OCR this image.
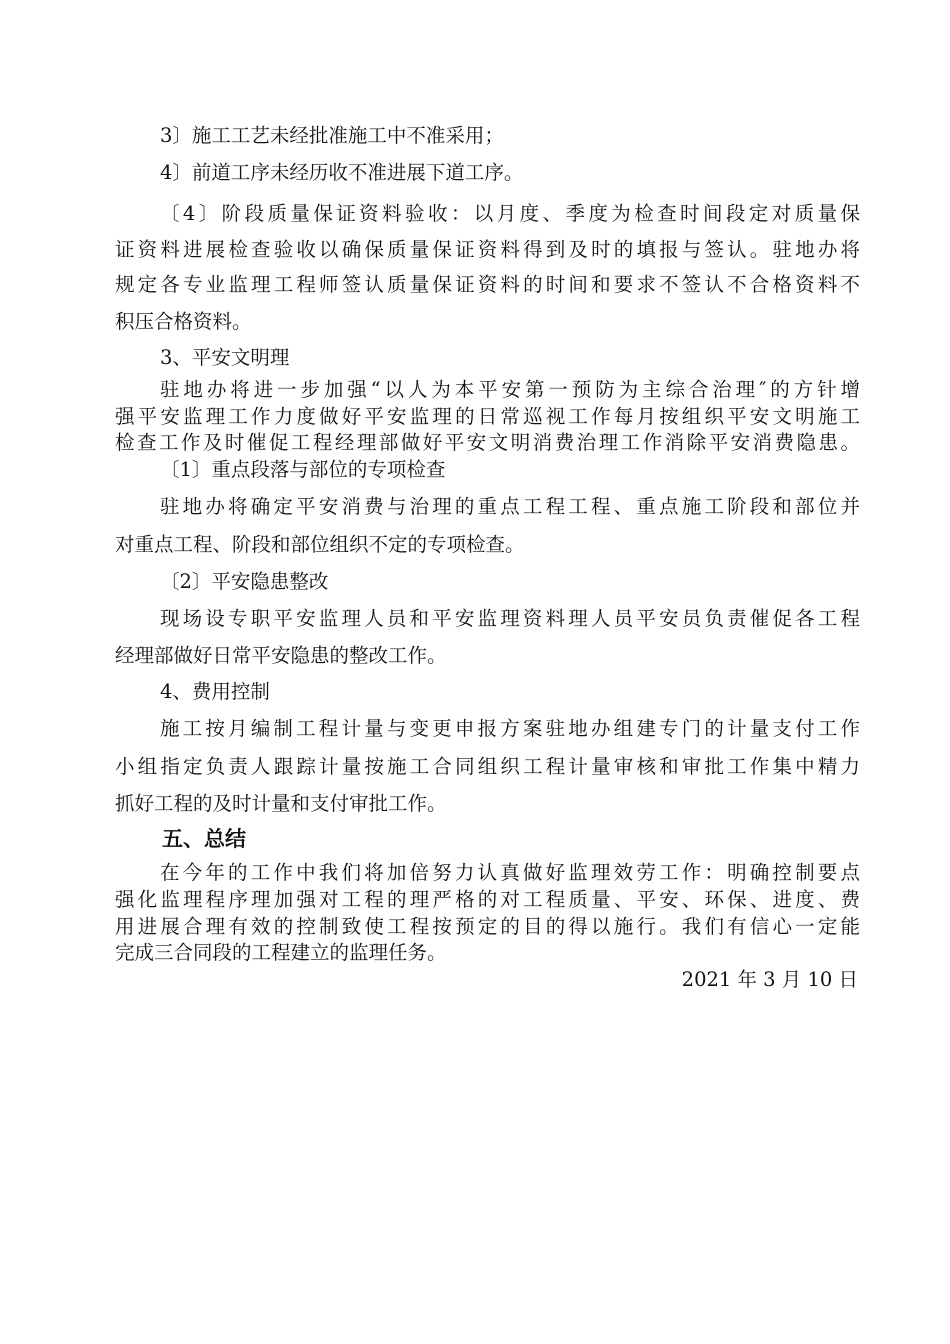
3〕施工工艺未经批准施工中不准采用；
4〕前道工序未经历收不准进展下道工序。
〔4〕阶段质量保证资料验收：以月度、季度为检查时间段定对质量保
证资料进展检查验收以确保质量保证资料得到及时的填报与签认。驻地办将
规定各专业监理工程师签认质量保证资料的时间和要求不签认不合格资料不
积压合格资料。
3、平安文明理
驻地办将进一步加强“以人为本平安第一预防为主综合治理″的方针增
强平安监理工作力度做好平安监理的日常巡视工作每月按组织平安文明施工
检查工作及时催促工程经理部做好平安文明消费治理工作消除平安消费隐患。
〔1〕重点段落与部位的专项检查
驻地办将确定平安消费与治理的重点工程工程、重点施工阶段和部位并
对重点工程、阶段和部位组织不定的专项检查。
〔2〕平安隐患整改
现场设专职平安监理人员和平安监理资料理人员平安员负责催促各工程
经理部做好日常平安隐患的整改工作。
4、费用控制
施工按月编制工程计量与变更申报方案驻地办组建专门的计量支付工作
小组指定负责人跟踪计量按施工合同组织工程计量审核和审批工作集中精力
抓好工程的及时计量和支付审批工作。
五、总结
在今年的工作中我们将加倍努力认真做好监理效劳工作：明确控制要点
强化监理程序理加强对工程的理严格的对工程质量、平安、环保、进度、费
用进展合理有效的控制致使工程按预定的目的得以施行。我们有信心一定能
完成三合同段的工程建立的监理任务。
2021 年 3 月 10 日
